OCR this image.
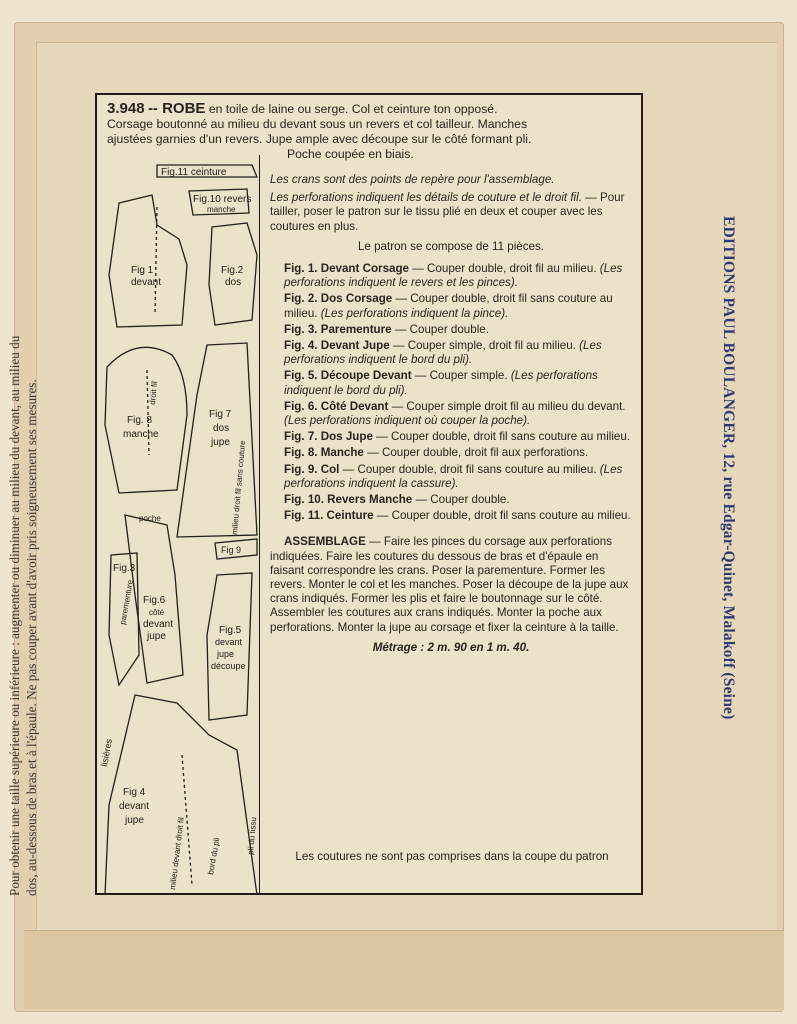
Pour obtenir une taille supérieure ou inférieure : augmenter ou diminuer au milieu du devant, au milieu du dos, au-dessous de bras et à l'épaule. Ne pas couper avant d'avoir pris soigneusement ses mesures.	EDITIONS PAUL BOULANGER, 12, rue Edgar-Quinet, Malakoff (Seine)
3.948 -- ROBE en toile de laine ou serge. Col et ceinture ton opposé.
Corsage boutonné au milieu du devant sous un revers et col tailleur. Manches
ajustées garnies d'un revers. Jupe ample avec découpe sur le côté formant pli.
Poche coupée en biais.
Fig.11 ceinture
Fig.10 revers
manche
Fig 1
devant
Fig.2
dos
Fig. 8
manche
Fig 7
dos
jupe
Fig.3
parementure Fig.6
côté
devant
jupe
Fig.5
devant
jupe
découpe
Fig 9
Fig 4
devant
jupe
poche
lisières
droit fil
milieu devant droit fil
milieu droit fil sans couture
bord du pli
pli du tissu
Les crans sont des points de repère pour l'assemblage.
Les perforations indiquent les détails de couture et le droit fil. — Pour tailler, poser le patron sur le tissu plié en deux et couper avec les coutures en plus.
Le patron se compose de 11 pièces.
Fig. 1. Devant Corsage — Couper double, droit fil au milieu. (Les perforations indiquent le revers et les pinces).
Fig. 2. Dos Corsage — Couper double, droit fil sans couture au milieu. (Les perforations indiquent la pince).
Fig. 3. Parementure — Couper double.
Fig. 4. Devant Jupe — Couper simple, droit fil au milieu. (Les perforations indiquent le bord du pli).
Fig. 5. Découpe Devant — Couper simple. (Les perforations indiquent le bord du pli).
Fig. 6. Côté Devant — Couper simple droit fil au milieu du devant. (Les perforations indiquent où couper la poche).
Fig. 7. Dos Jupe — Couper double, droit fil sans couture au milieu.
Fig. 8. Manche — Couper double, droit fil aux perforations.
Fig. 9. Col — Couper double, droit fil sans couture au milieu. (Les perforations indiquent la cassure).
Fig. 10. Revers Manche — Couper double.
Fig. 11. Ceinture — Couper double, droit fil sans couture au milieu.
ASSEMBLAGE — Faire les pinces du corsage aux perforations indiquées. Faire les coutures du dessous de bras et d'épaule en faisant correspondre les crans. Poser la parementure. Former les revers. Monter le col et les manches. Poser la découpe de la jupe aux crans indiqués. Former les plis et faire le boutonnage sur le côté. Assembler les coutures aux crans indiqués. Monter la poche aux perforations. Monter la jupe au corsage et fixer la ceinture à la taille.
Métrage : 2 m. 90 en 1 m. 40.
Les coutures ne sont pas comprises dans la coupe du patron
